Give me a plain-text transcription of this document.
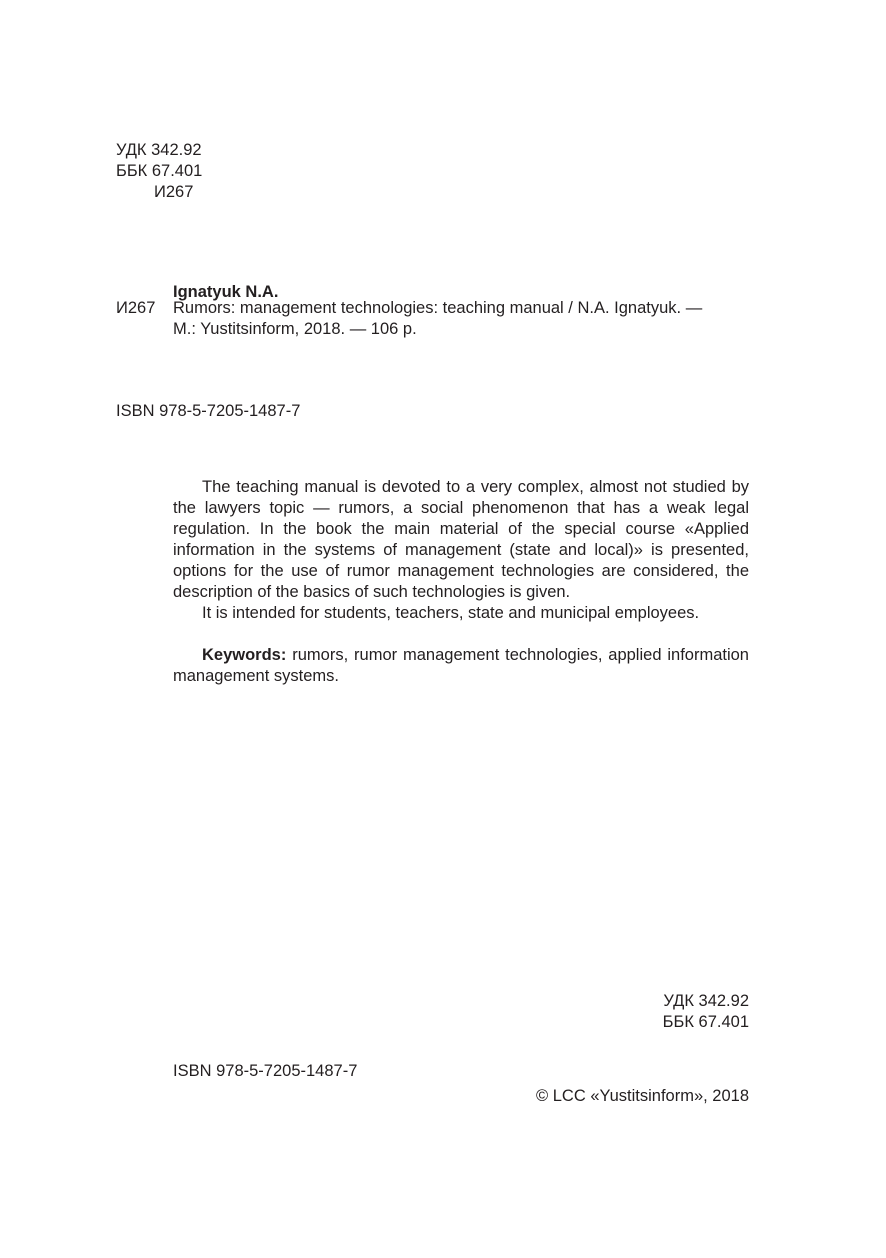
УДК 342.92
ББК 67.401
И267
Ignatyuk N.A.
И267 Rumors: management technologies: teaching manual / N.A. Ignatyuk. —
M.: Yustitsinform, 2018. — 106 p.
ISBN 978-5-7205-1487-7

The teaching manual is devoted to a very complex, almost not studied by the lawyers topic — rumors, a social phenomenon that has a weak legal regulation. In the book the main material of the special course «Applied information in the systems of management (state and local)» is presented, options for the use of rumor management technologies are considered, the description of the basics of such technologies is given.

It is intended for students, teachers, state and municipal employees.

Keywords: rumors, rumor management technologies, applied information management systems.

УДК 342.92
ББК 67.401
ISBN 978-5-7205-1487-7
© LCC «Yustitsinform», 2018
